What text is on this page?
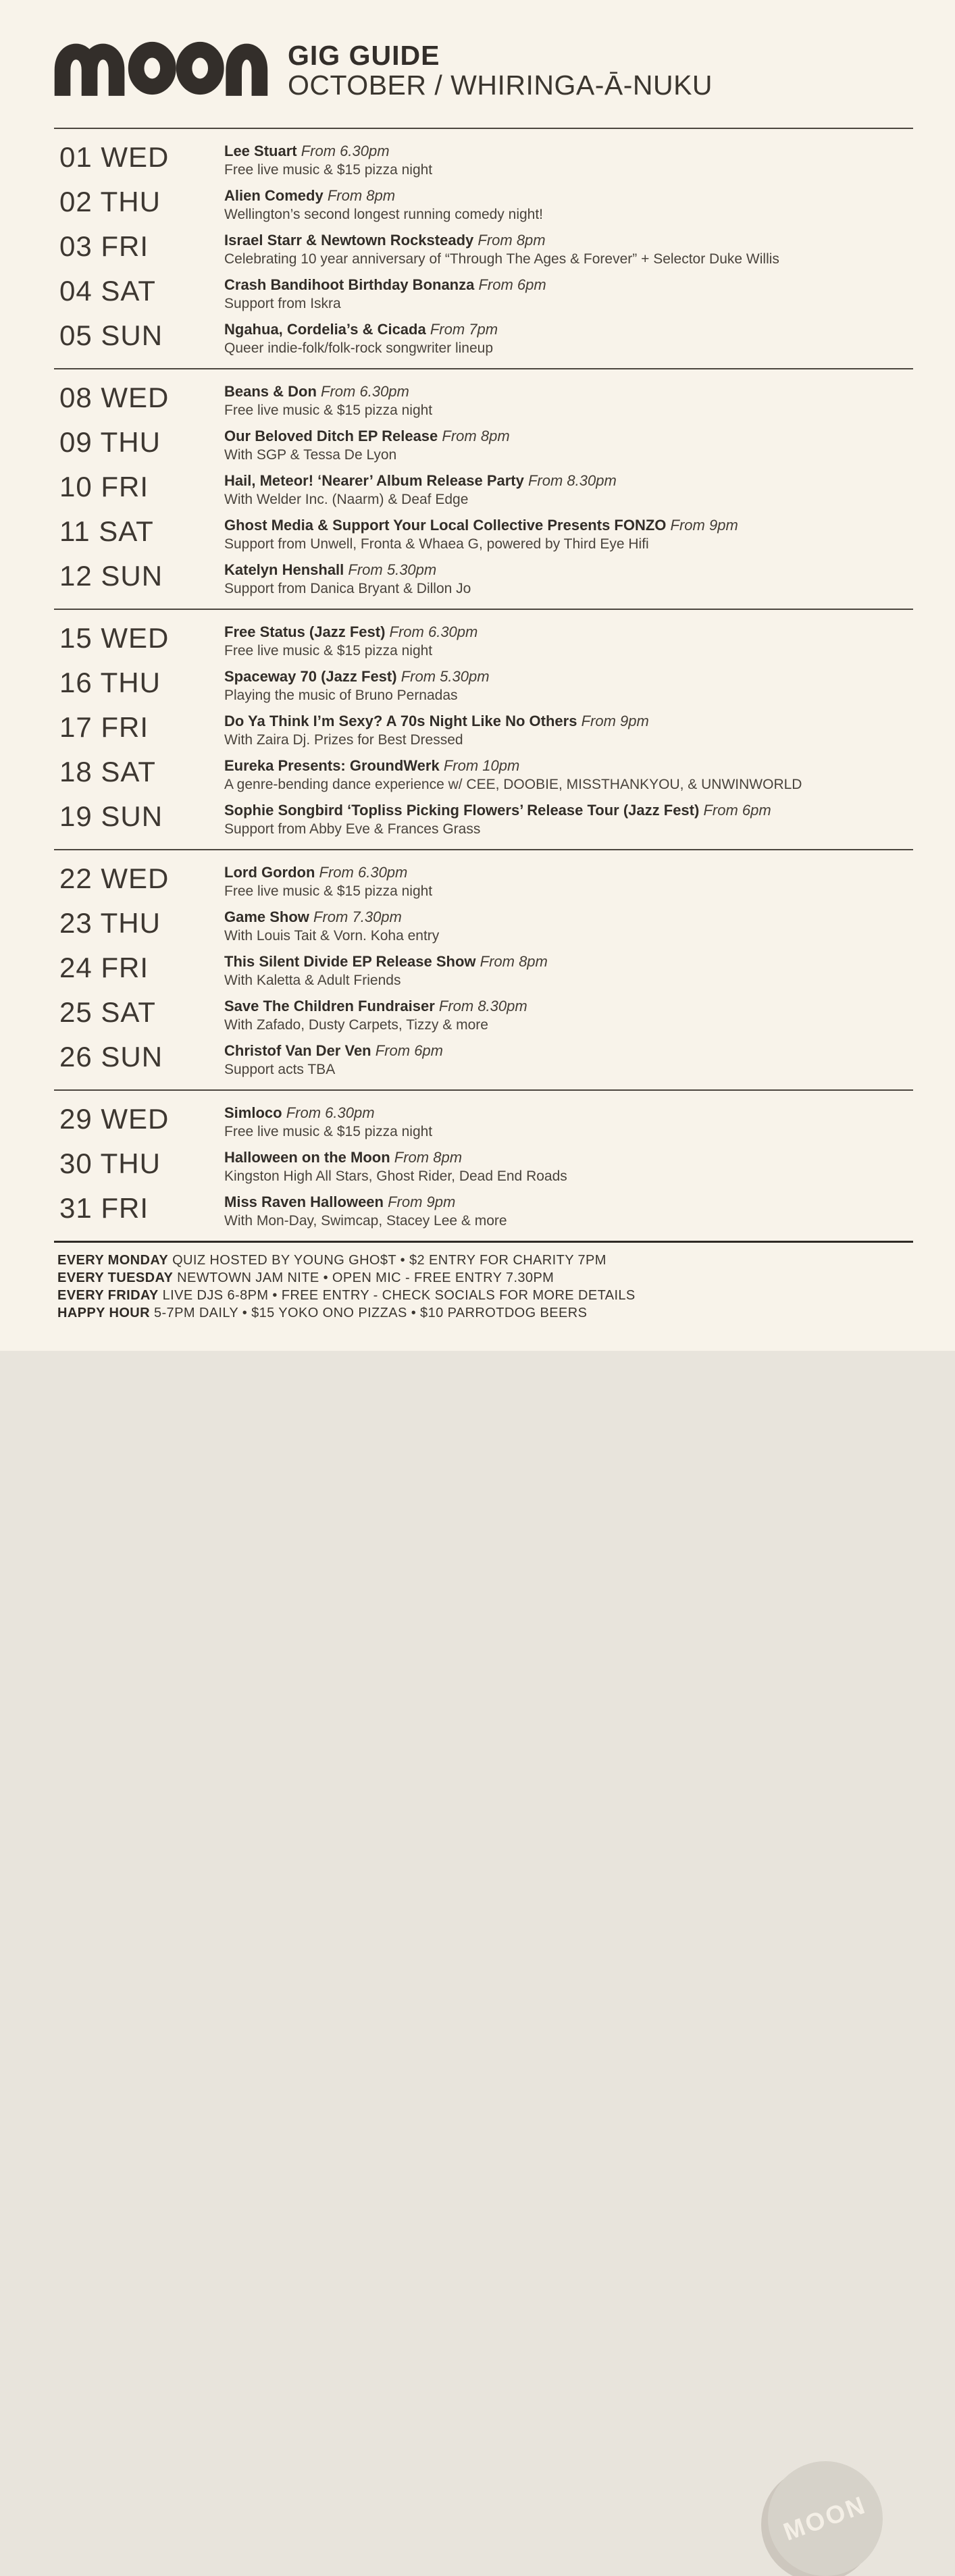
GIG GUIDE
OCTOBER / WHIRINGA-Ā-NUKU
01 WED	Lee Stuart From 6.30pm
Free live music & $15 pizza night
02 THU	Alien Comedy From 8pm
Wellington’s second longest running comedy night!
03 FRI	Israel Starr & Newtown Rocksteady From 8pm
Celebrating 10 year anniversary of “Through The Ages & Forever” + Selector Duke Willis
04 SAT	Crash Bandihoot Birthday Bonanza From 6pm
Support from Iskra
05 SUN	Ngahua, Cordelia’s & Cicada From 7pm
Queer indie-folk/folk-rock songwriter lineup
08 WED	Beans & Don From 6.30pm
Free live music & $15 pizza night
09 THU	Our Beloved Ditch EP Release From 8pm
With SGP & Tessa De Lyon
10 FRI	Hail, Meteor! ‘Nearer’ Album Release Party From 8.30pm
With Welder Inc. (Naarm) & Deaf Edge
11 SAT	Ghost Media & Support Your Local Collective Presents FONZO From 9pm
Support from Unwell, Fronta & Whaea G, powered by Third Eye Hifi
12 SUN	Katelyn Henshall From 5.30pm
Support from Danica Bryant & Dillon Jo
15 WED	Free Status (Jazz Fest) From 6.30pm
Free live music & $15 pizza night
16 THU	Spaceway 70 (Jazz Fest) From 5.30pm
Playing the music of Bruno Pernadas
17 FRI	Do Ya Think I’m Sexy? A 70s Night Like No Others From 9pm
With Zaira Dj. Prizes for Best Dressed
18 SAT	Eureka Presents: GroundWerk From 10pm
A genre-bending dance experience w/ CEE, DOOBIE, MISSTHANKYOU, & UNWINWORLD
19 SUN	Sophie Songbird ‘Topliss Picking Flowers’ Release Tour (Jazz Fest) From 6pm
Support from Abby Eve & Frances Grass
22 WED	Lord Gordon From 6.30pm
Free live music & $15 pizza night
23 THU	Game Show From 7.30pm
With Louis Tait & Vorn. Koha entry
24 FRI	This Silent Divide EP Release Show From 8pm
With Kaletta & Adult Friends
25 SAT	Save The Children Fundraiser From 8.30pm
With Zafado, Dusty Carpets, Tizzy & more
26 SUN	Christof Van Der Ven From 6pm
Support acts TBA
29 WED	Simloco From 6.30pm
Free live music & $15 pizza night
30 THU	Halloween on the Moon From 8pm
Kingston High All Stars, Ghost Rider, Dead End Roads
31 FRI	Miss Raven Halloween From 9pm
With Mon-Day, Swimcap, Stacey Lee & more
MOON
EVERY MONDAY QUIZ HOSTED BY YOUNG GHO$T • $2 ENTRY FOR CHARITY 7PM
EVERY TUESDAY NEWTOWN JAM NITE • OPEN MIC - FREE ENTRY 7.30PM
EVERY FRIDAY LIVE DJS 6-8PM • FREE ENTRY - CHECK SOCIALS FOR MORE DETAILS
HAPPY HOUR 5-7PM DAILY • $15 YOKO ONO PIZZAS • $10 PARROTDOG BEERS
